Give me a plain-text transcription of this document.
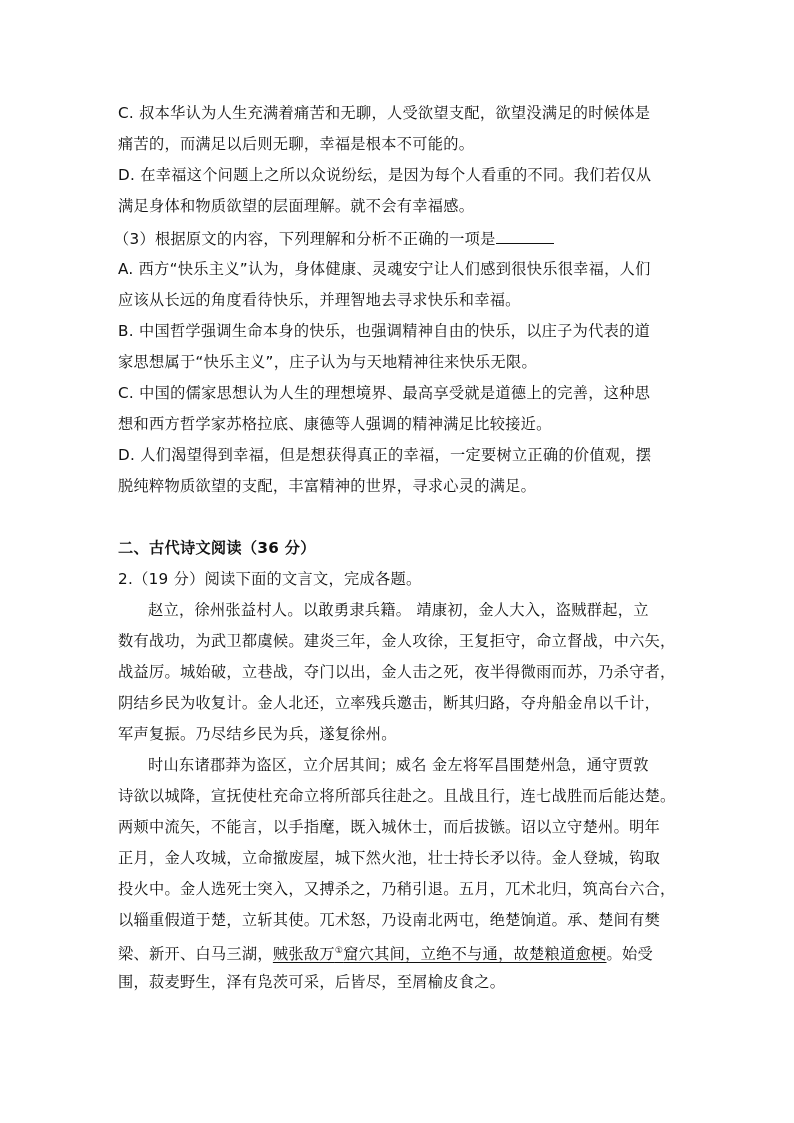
C. 叔本华认为人生充满着痛苦和无聊，人受欲望支配，欲望没满足的时候体是
痛苦的，而满足以后则无聊，幸福是根本不可能的。
D. 在幸福这个问题上之所以众说纷纭，是因为每个人看重的不同。我们若仅从
满足身体和物质欲望的层面理解。就不会有幸福感。
（3）根据原文的内容，下列理解和分析不正确的一项是
A. 西方“快乐主义”认为，身体健康、灵魂安宁让人们感到很快乐很幸福，人们
应该从长远的角度看待快乐，并理智地去寻求快乐和幸福。
B. 中国哲学强调生命本身的快乐，也强调精神自由的快乐，以庄子为代表的道
家思想属于“快乐主义”，庄子认为与天地精神往来快乐无限。
C. 中国的儒家思想认为人生的理想境界、最高享受就是道德上的完善，这种思
想和西方哲学家苏格拉底、康德等人强调的精神满足比较接近。
D. 人们渴望得到幸福，但是想获得真正的幸福，一定要树立正确的价值观，摆
脱纯粹物质欲望的支配，丰富精神的世界，寻求心灵的满足。
二、古代诗文阅读（36 分）
2.（19 分）阅读下面的文言文，完成各题。
赵立，徐州张益村人。以敢勇隶兵籍。 靖康初，金人大入，盗贼群起，立
数有战功，为武卫都虞候。建炎三年，金人攻徐，王复拒守，命立督战，中六矢，
战益厉。城始破，立巷战，夺门以出，金人击之死，夜半得微雨而苏，乃杀守者，
阴结乡民为收复计。金人北还，立率残兵邀击，断其归路，夺舟船金帛以千计，
军声复振。乃尽结乡民为兵，遂复徐州。
时山东诸郡莽为盗区，立介居其间；威名 金左将军昌围楚州急，通守贾敦
诗欲以城降，宣抚使杜充命立将所部兵往赴之。且战且行，连七战胜而后能达楚。
两颊中流矢，不能言，以手指麾，既入城休士，而后拔镞。诏以立守楚州。明年
正月，金人攻城，立命撤废屋，城下然火池，壮士持长矛以待。金人登城，钩取
投火中。金人选死士突入，又搏杀之，乃稍引退。五月，兀术北归，筑高台六合，
以辎重假道于楚，立斩其使。兀术怒，乃设南北两屯，绝楚饷道。承、楚间有樊
梁、新开、白马三湖，贼张敌万①窟穴其间，立绝不与通，故楚粮道愈梗。始受
围，菽麦野生，泽有凫茨可采，后皆尽，至屑榆皮食之。
